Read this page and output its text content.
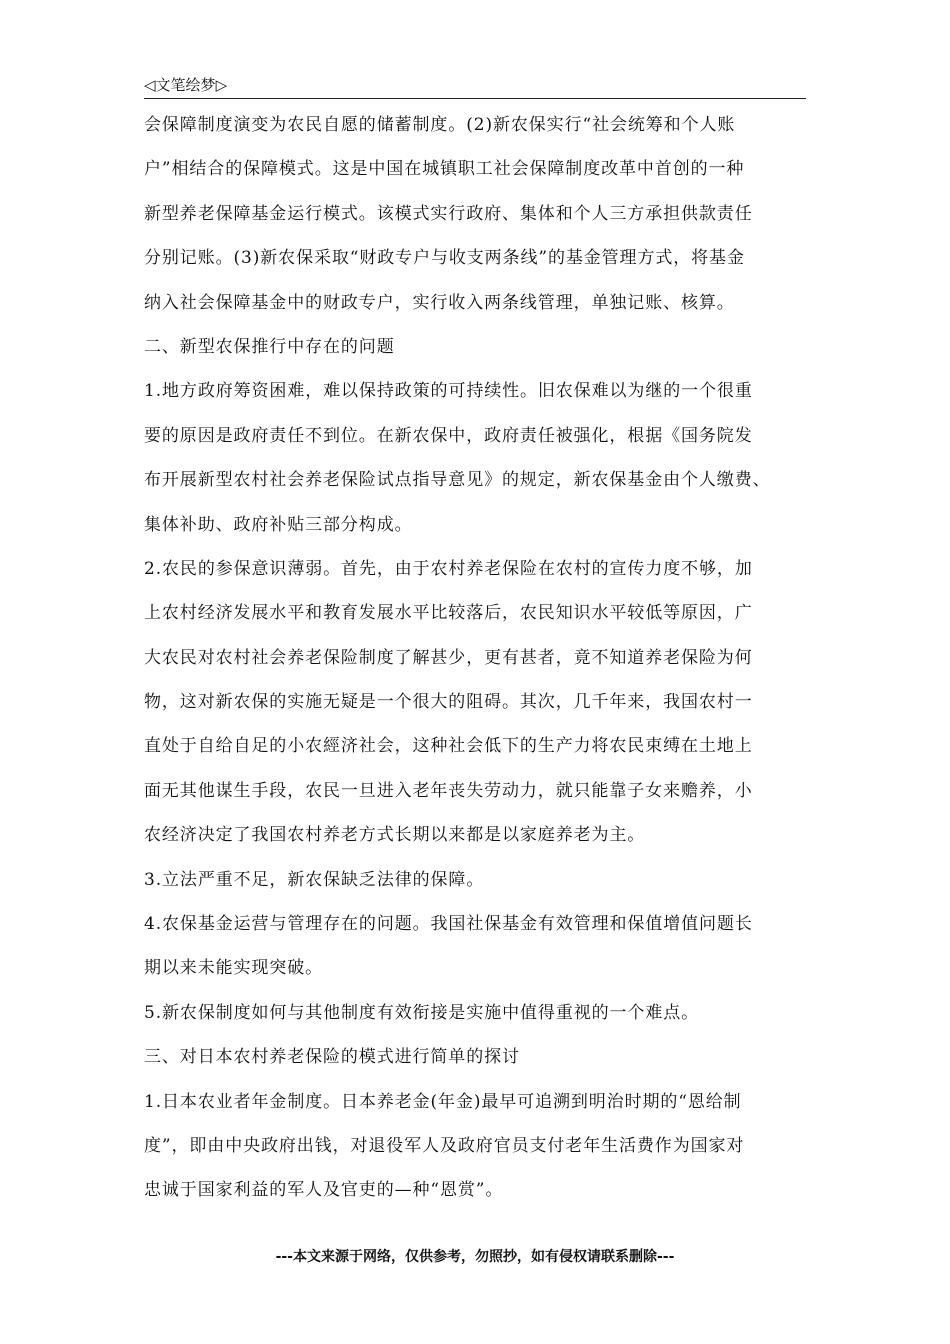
◁文笔绘梦▷
会保障制度演变为农民自愿的储蓄制度。(2)新农保实行“社会统筹和个人账
户”相结合的保障模式。这是中国在城镇职工社会保障制度改革中首创的一种
新型养老保障基金运行模式。该模式实行政府、集体和个人三方承担供款责任
分别记账。(3)新农保采取“财政专户与收支两条线”的基金管理方式，将基金
纳入社会保障基金中的财政专户，实行收入两条线管理，单独记账、核算。
二、新型农保推行中存在的问题
1.地方政府筹资困难，难以保持政策的可持续性。旧农保难以为继的一个很重
要的原因是政府责任不到位。在新农保中，政府责任被强化，根据《国务院发
布开展新型农村社会养老保险试点指导意见》的规定，新农保基金由个人缴费、
集体补助、政府补贴三部分构成。
2.农民的参保意识薄弱。首先，由于农村养老保险在农村的宣传力度不够，加
上农村经济发展水平和教育发展水平比较落后，农民知识水平较低等原因，广
大农民对农村社会养老保险制度了解甚少，更有甚者，竟不知道养老保险为何
物，这对新农保的实施无疑是一个很大的阻碍。其次，几千年来，我国农村一
直处于自给自足的小农經济社会，这种社会低下的生产力将农民束缚在土地上
面无其他谋生手段，农民一旦进入老年丧失劳动力，就只能靠子女来赡养，小
农经济决定了我国农村养老方式长期以来都是以家庭养老为主。
3.立法严重不足，新农保缺乏法律的保障。
4.农保基金运营与管理存在的问题。我国社保基金有效管理和保值增值问题长
期以来未能实现突破。
5.新农保制度如何与其他制度有效衔接是实施中值得重视的一个难点。
三、对日本农村养老保险的模式进行简单的探讨
1.日本农业者年金制度。日本养老金(年金)最早可追溯到明治时期的“恩给制
度”，即由中央政府出钱，对退役军人及政府官员支付老年生活费作为国家对
忠诚于国家利益的军人及官吏的—种“恩赏”。
---本文来源于网络，仅供参考，勿照抄，如有侵权请联系删除---
